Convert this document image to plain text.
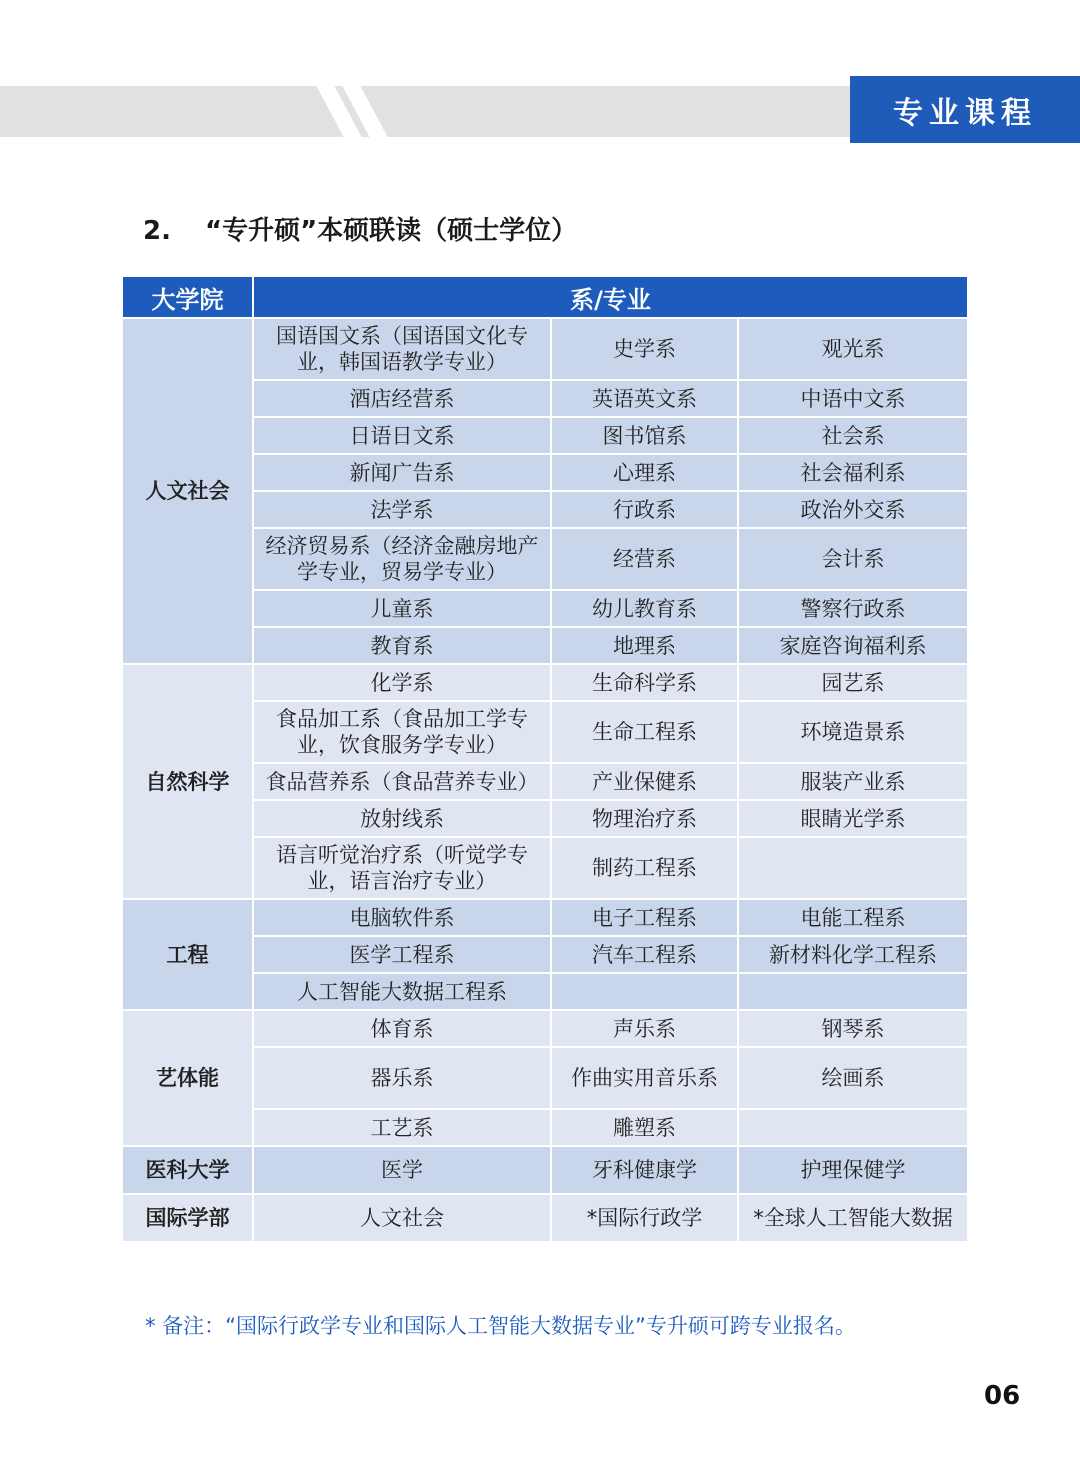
专业课程
2. “专升硕”本硕联读（硕士学位）
大学院	系/专业		
人文社会	国语国文系（国语国文化专业，韩国语教学专业）	史学系	观光系
	酒店经营系	英语英文系	中语中文系
	日语日文系	图书馆系	社会系
	新闻广告系	心理系	社会福利系
	法学系	行政系	政治外交系
	经济贸易系（经济金融房地产学专业，贸易学专业）	经营系	会计系
	儿童系	幼儿教育系	警察行政系
	教育系	地理系	家庭咨询福利系
自然科学	化学系	生命科学系	园艺系
	食品加工系（食品加工学专业，饮食服务学专业）	生命工程系	环境造景系
	食品营养系（食品营养专业）	产业保健系	服装产业系
	放射线系	物理治疗系	眼睛光学系
	语言听觉治疗系（听觉学专业，语言治疗专业）	制药工程系	
工程	电脑软件系	电子工程系	电能工程系
	医学工程系	汽车工程系	新材料化学工程系
	人工智能大数据工程系		
艺体能	体育系	声乐系	钢琴系
	器乐系	作曲实用音乐系	绘画系
	工艺系	雕塑系	
医科大学	医学	牙科健康学	护理保健学
国际学部	人文社会	*国际行政学	*全球人工智能大数据
* 备注：“国际行政学专业和国际人工智能大数据专业”专升硕可跨专业报名。
06
